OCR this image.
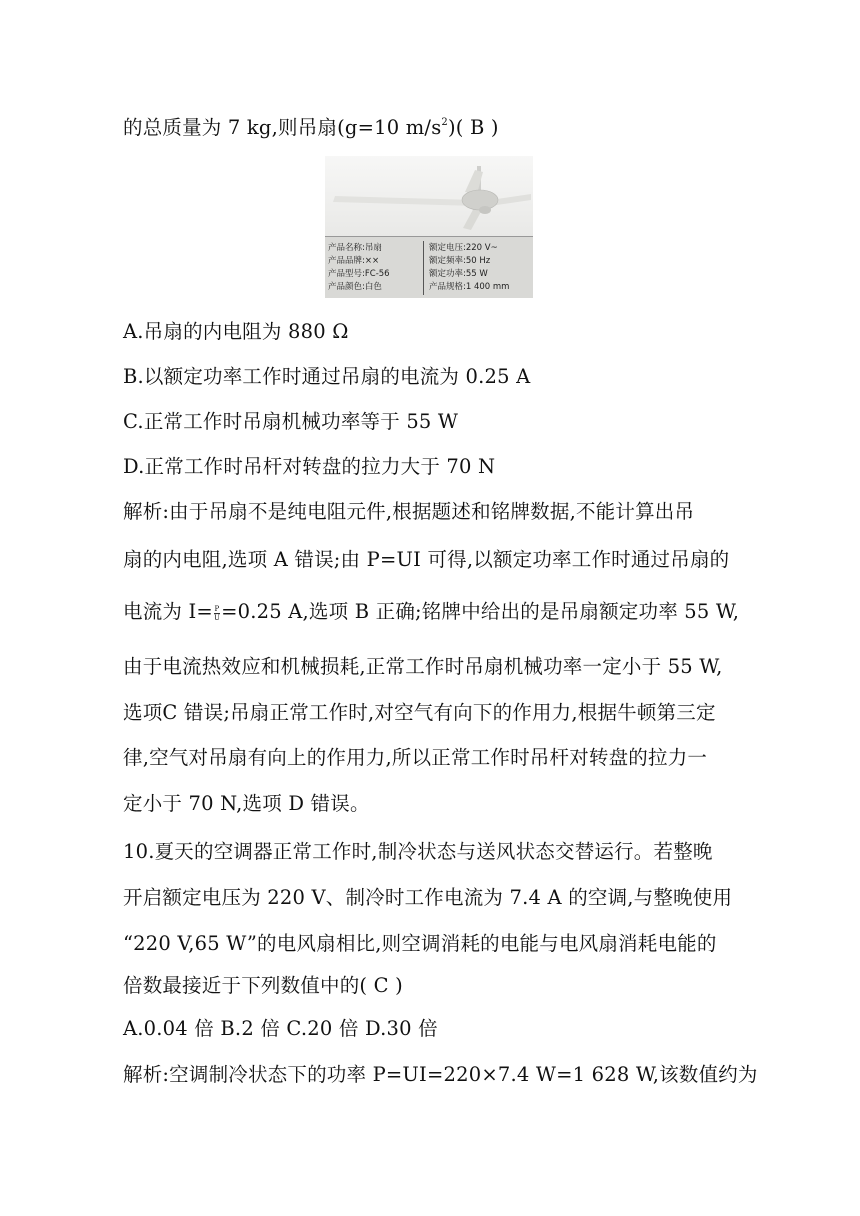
的总质量为 7 kg,则吊扇(g=10 $m/s^2$)( B )
产品名称:吊扇
产品品牌:××
产品型号:FC-56
产品颜色:白色
额定电压:220 V~
额定频率:50 Hz
额定功率:55 W
产品规格:1 400 mm
A.吊扇的内电阻为 880 Ω
B.以额定功率工作时通过吊扇的电流为 0.25 A
C.正常工作时吊扇机械功率等于 55 W
D.正常工作时吊杆对转盘的拉力大于 70 N
解析:由于吊扇不是纯电阻元件,根据题述和铭牌数据,不能计算出吊
扇的内电阻,选项 A 错误;由 P=UI 可得,以额定功率工作时通过吊扇的
电流为 $I= \frac{P}{U} =0.25$ A,选项 B 正确;铭牌中给出的是吊扇额定功率 55 W,
由于电流热效应和机械损耗,正常工作时吊扇机械功率一定小于 55 W,
选项C 错误;吊扇正常工作时,对空气有向下的作用力,根据牛顿第三定
律,空气对吊扇有向上的作用力,所以正常工作时吊杆对转盘的拉力一
定小于 70 N,选项 D 错误。
10.夏天的空调器正常工作时,制冷状态与送风状态交替运行。若整晚
开启额定电压为 220 V、制冷时工作电流为 7.4 A 的空调,与整晚使用
“220 V,65 W”的电风扇相比,则空调消耗的电能与电风扇消耗电能的
倍数最接近于下列数值中的( C )
A.0.04 倍 B.2 倍 C.20 倍 D.30 倍
解析:空调制冷状态下的功率 P=UI=220×7.4 W=1 628 W,该数值约为
